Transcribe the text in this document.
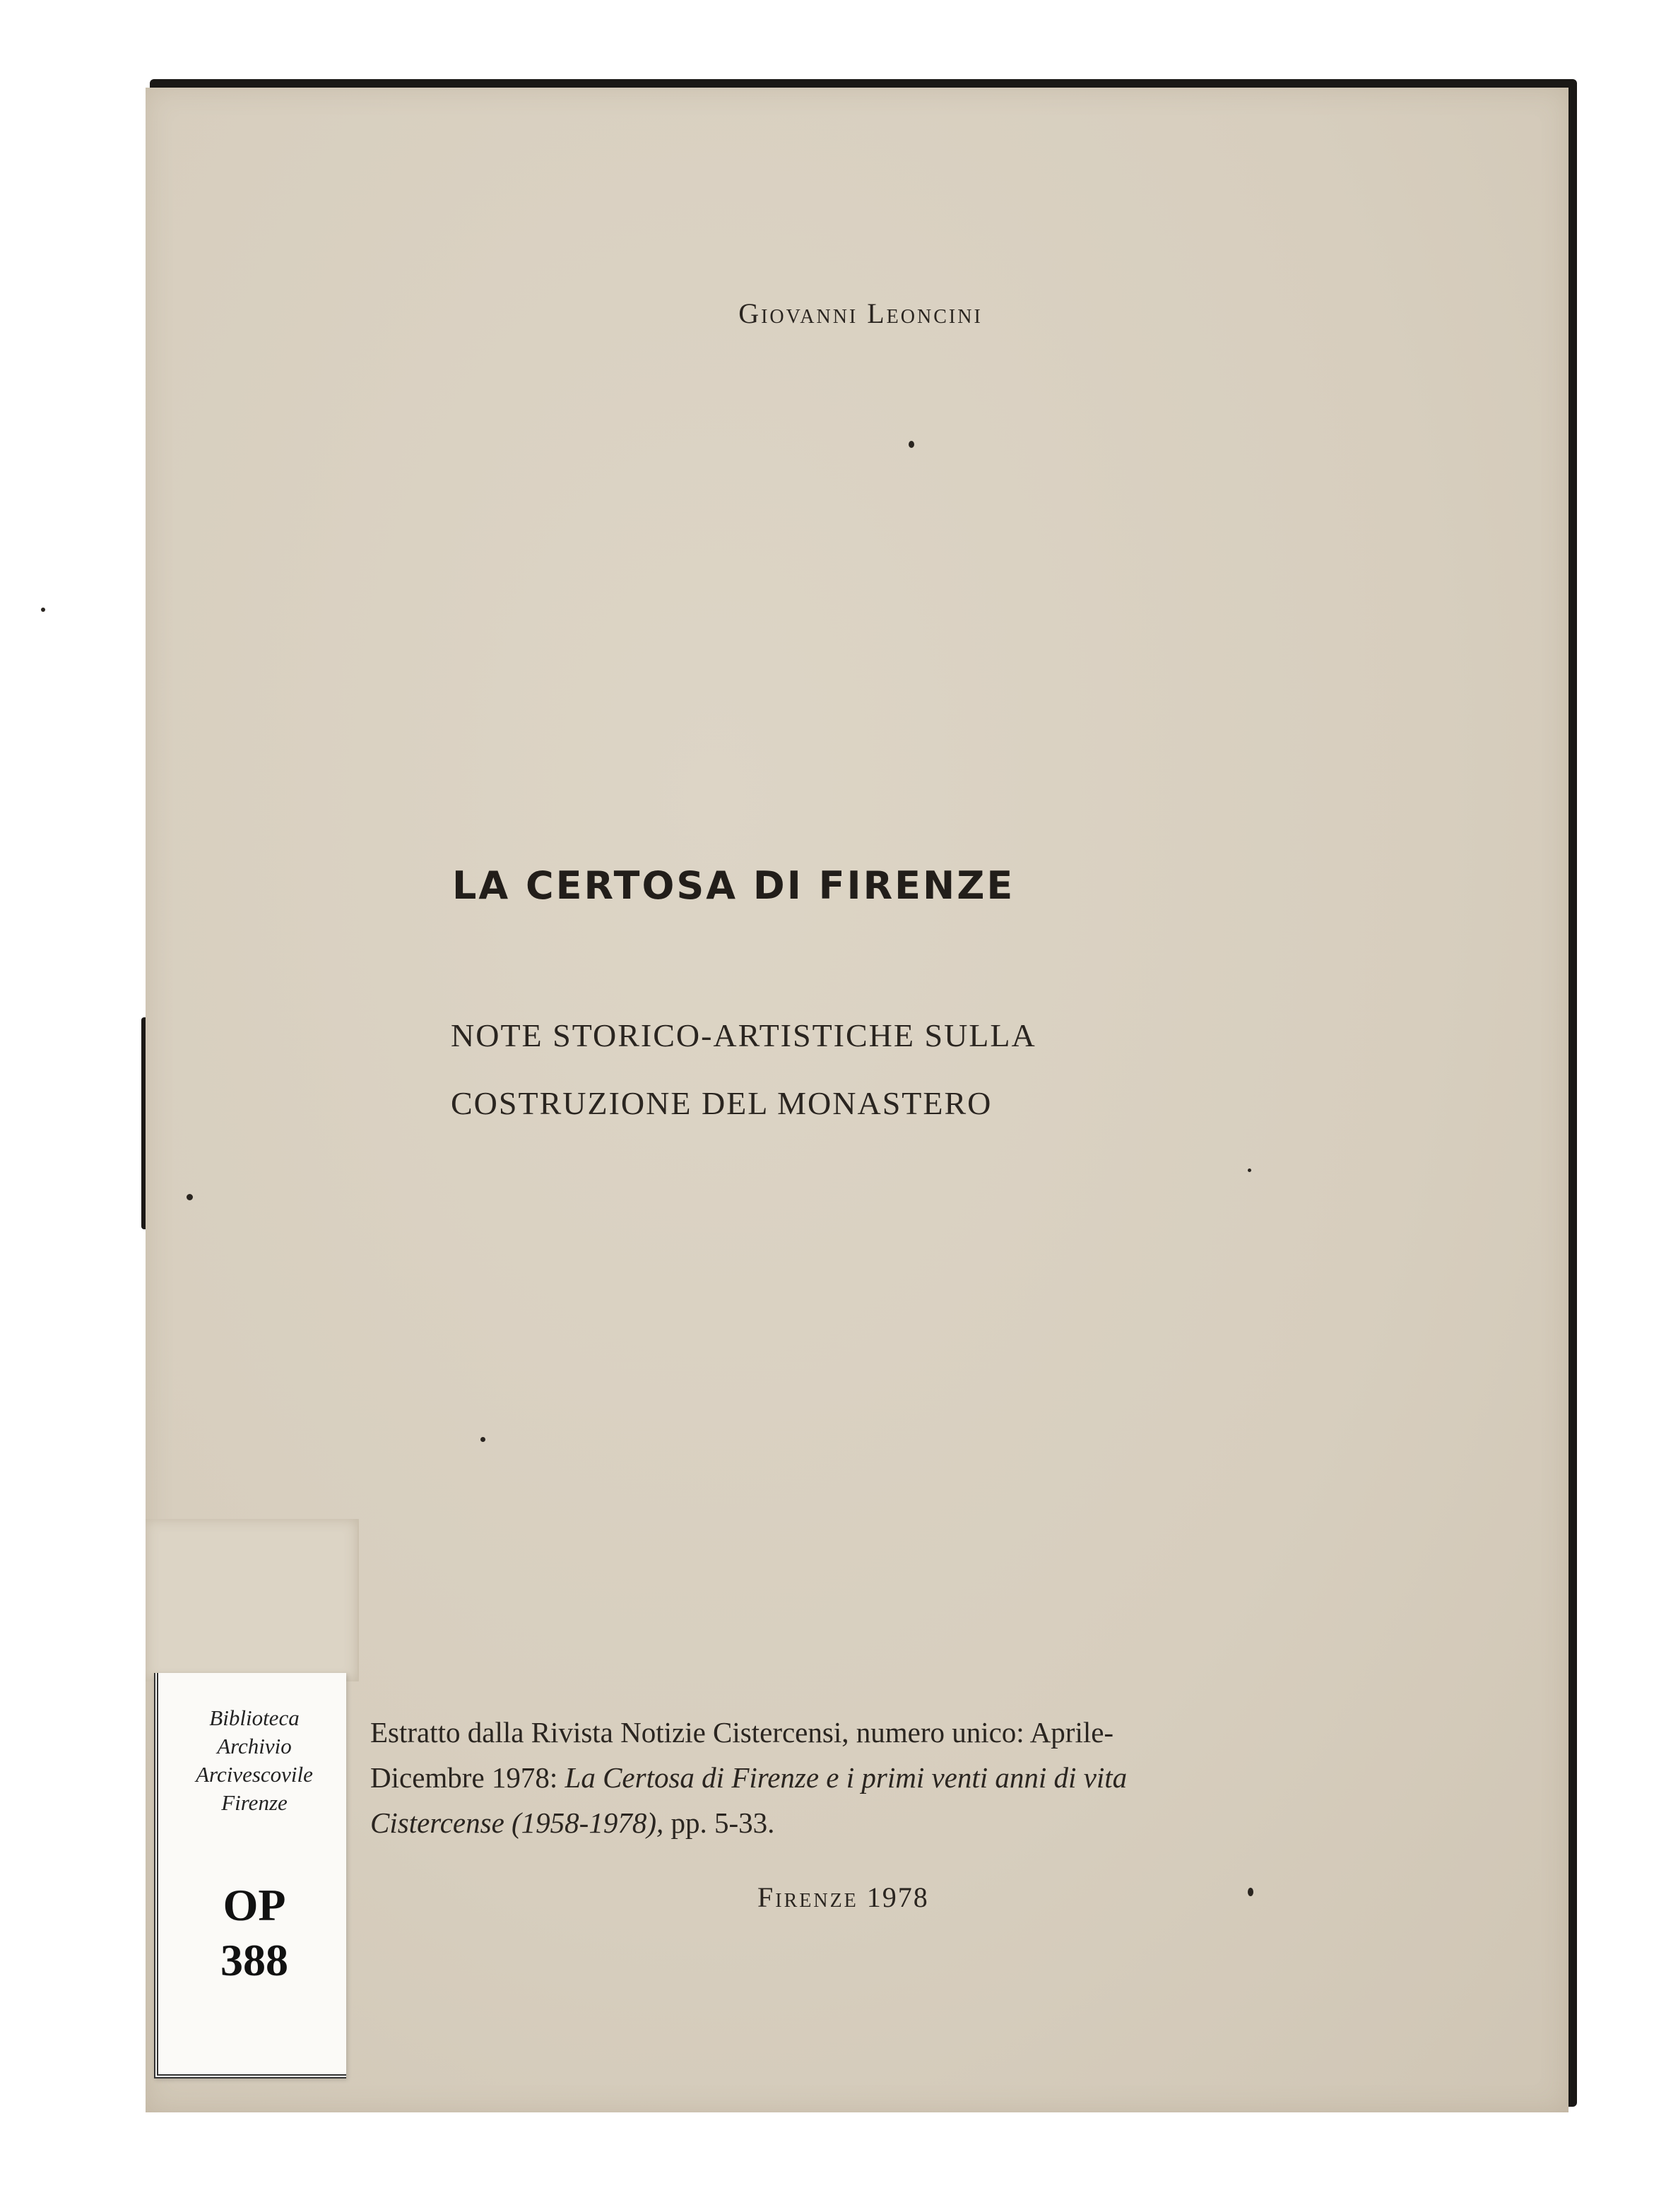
Giovanni Leoncini
LA CERTOSA DI FIRENZE
NOTE STORICO-ARTISTICHE SULLA
COSTRUZIONE DEL MONASTERO
Biblioteca
Archivio
Arcivescovile
Firenze
OP
388
Estratto dalla Rivista Notizie Cistercensi, numero unico: Aprile-
Dicembre 1978: La Certosa di Firenze e i primi venti anni di vita
Cistercense (1958-1978), pp. 5-33.
Firenze 1978
